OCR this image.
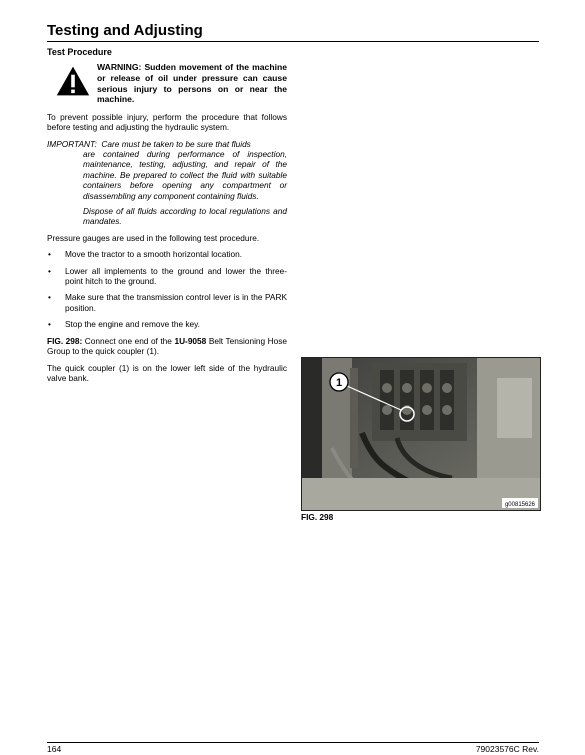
Testing and Adjusting
Test Procedure
WARNING: Sudden movement of the machine or release of oil under pressure can cause serious injury to persons on or near the machine.

To prevent possible injury, perform the procedure that follows before testing and adjusting the hydraulic system.

IMPORTANT: Care must be taken to be sure that fluids
are contained during performance of inspection, maintenance, testing, adjusting, and repair of the machine. Be prepared to collect the fluid with suitable containers before opening any compartment or disassembling any component containing fluids.

Dispose of all fluids according to local regulations and mandates.

Pressure gauges are used in the following test procedure.

• Move the tractor to a smooth horizontal location.
• Lower all implements to the ground and lower the three-point hitch to the ground.
• Make sure that the transmission control lever is in the PARK position.
• Stop the engine and remove the key.

FIG. 298: Connect one end of the 1U-9058 Belt Tensioning Hose Group to the quick coupler (1).

The quick coupler (1) is on the lower left side of the hydraulic valve bank.	1
g00815626
FIG. 298
164	79023576C Rev.
